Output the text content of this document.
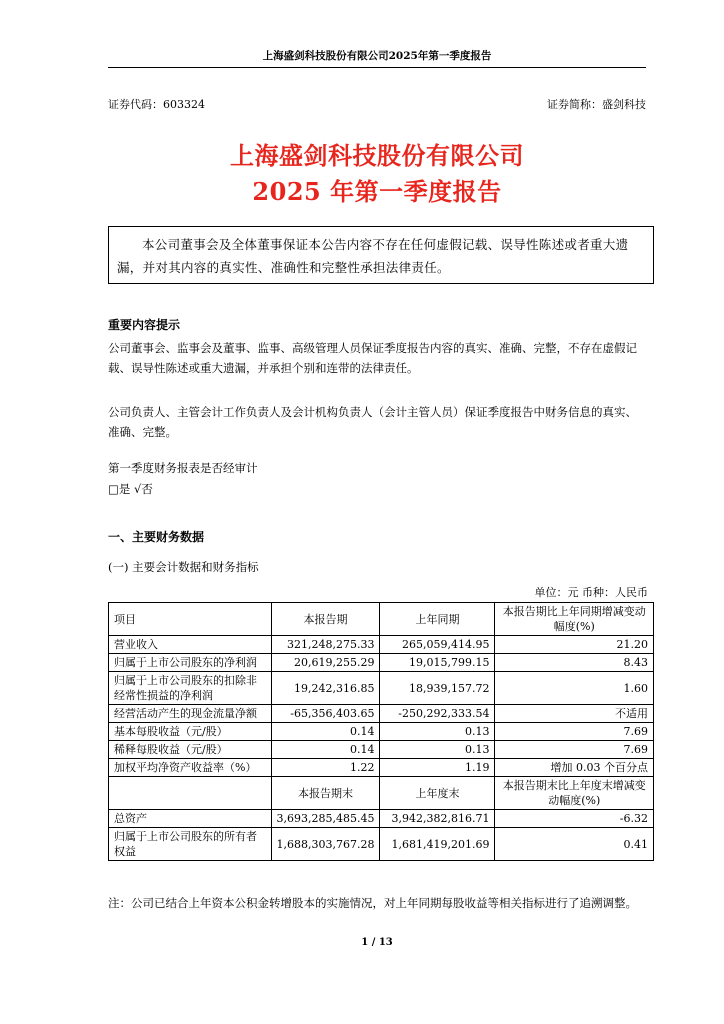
上海盛剑科技股份有限公司2025年第一季度报告
证券代码：603324	证券简称：盛剑科技
上海盛剑科技股份有限公司
2025 年第一季度报告
本公司董事会及全体董事保证本公告内容不存在任何虚假记载、误导性陈述或者重大遗漏，并对其内容的真实性、准确性和完整性承担法律责任。
重要内容提示
公司董事会、监事会及董事、监事、高级管理人员保证季度报告内容的真实、准确、完整，不存在虚假记载、误导性陈述或重大遗漏，并承担个别和连带的法律责任。
公司负责人、主管会计工作负责人及会计机构负责人（会计主管人员）保证季度报告中财务信息的真实、准确、完整。
第一季度财务报表是否经审计
□是 √否
一、主要财务数据
(一) 主要会计数据和财务指标
单位：元 币种：人民币
项目	本报告期	上年同期	本报告期比上年同期增减变动幅度(%)
营业收入	321,248,275.33	265,059,414.95	21.20
归属于上市公司股东的净利润	20,619,255.29	19,015,799.15	8.43
归属于上市公司股东的扣除非经常性损益的净利润	19,242,316.85	18,939,157.72	1.60
经营活动产生的现金流量净额	-65,356,403.65	-250,292,333.54	不适用
基本每股收益（元/股）	0.14	0.13	7.69
稀释每股收益（元/股）	0.14	0.13	7.69
加权平均净资产收益率（%）	1.22	1.19	增加 0.03 个百分点
	本报告期末	上年度末	本报告期末比上年度末增减变动幅度(%)
总资产	3,693,285,485.45	3,942,382,816.71	-6.32
归属于上市公司股东的所有者权益	1,688,303,767.28	1,681,419,201.69	0.41
注：公司已结合上年资本公积金转增股本的实施情况，对上年同期每股收益等相关指标进行了追溯调整。
1 / 13
